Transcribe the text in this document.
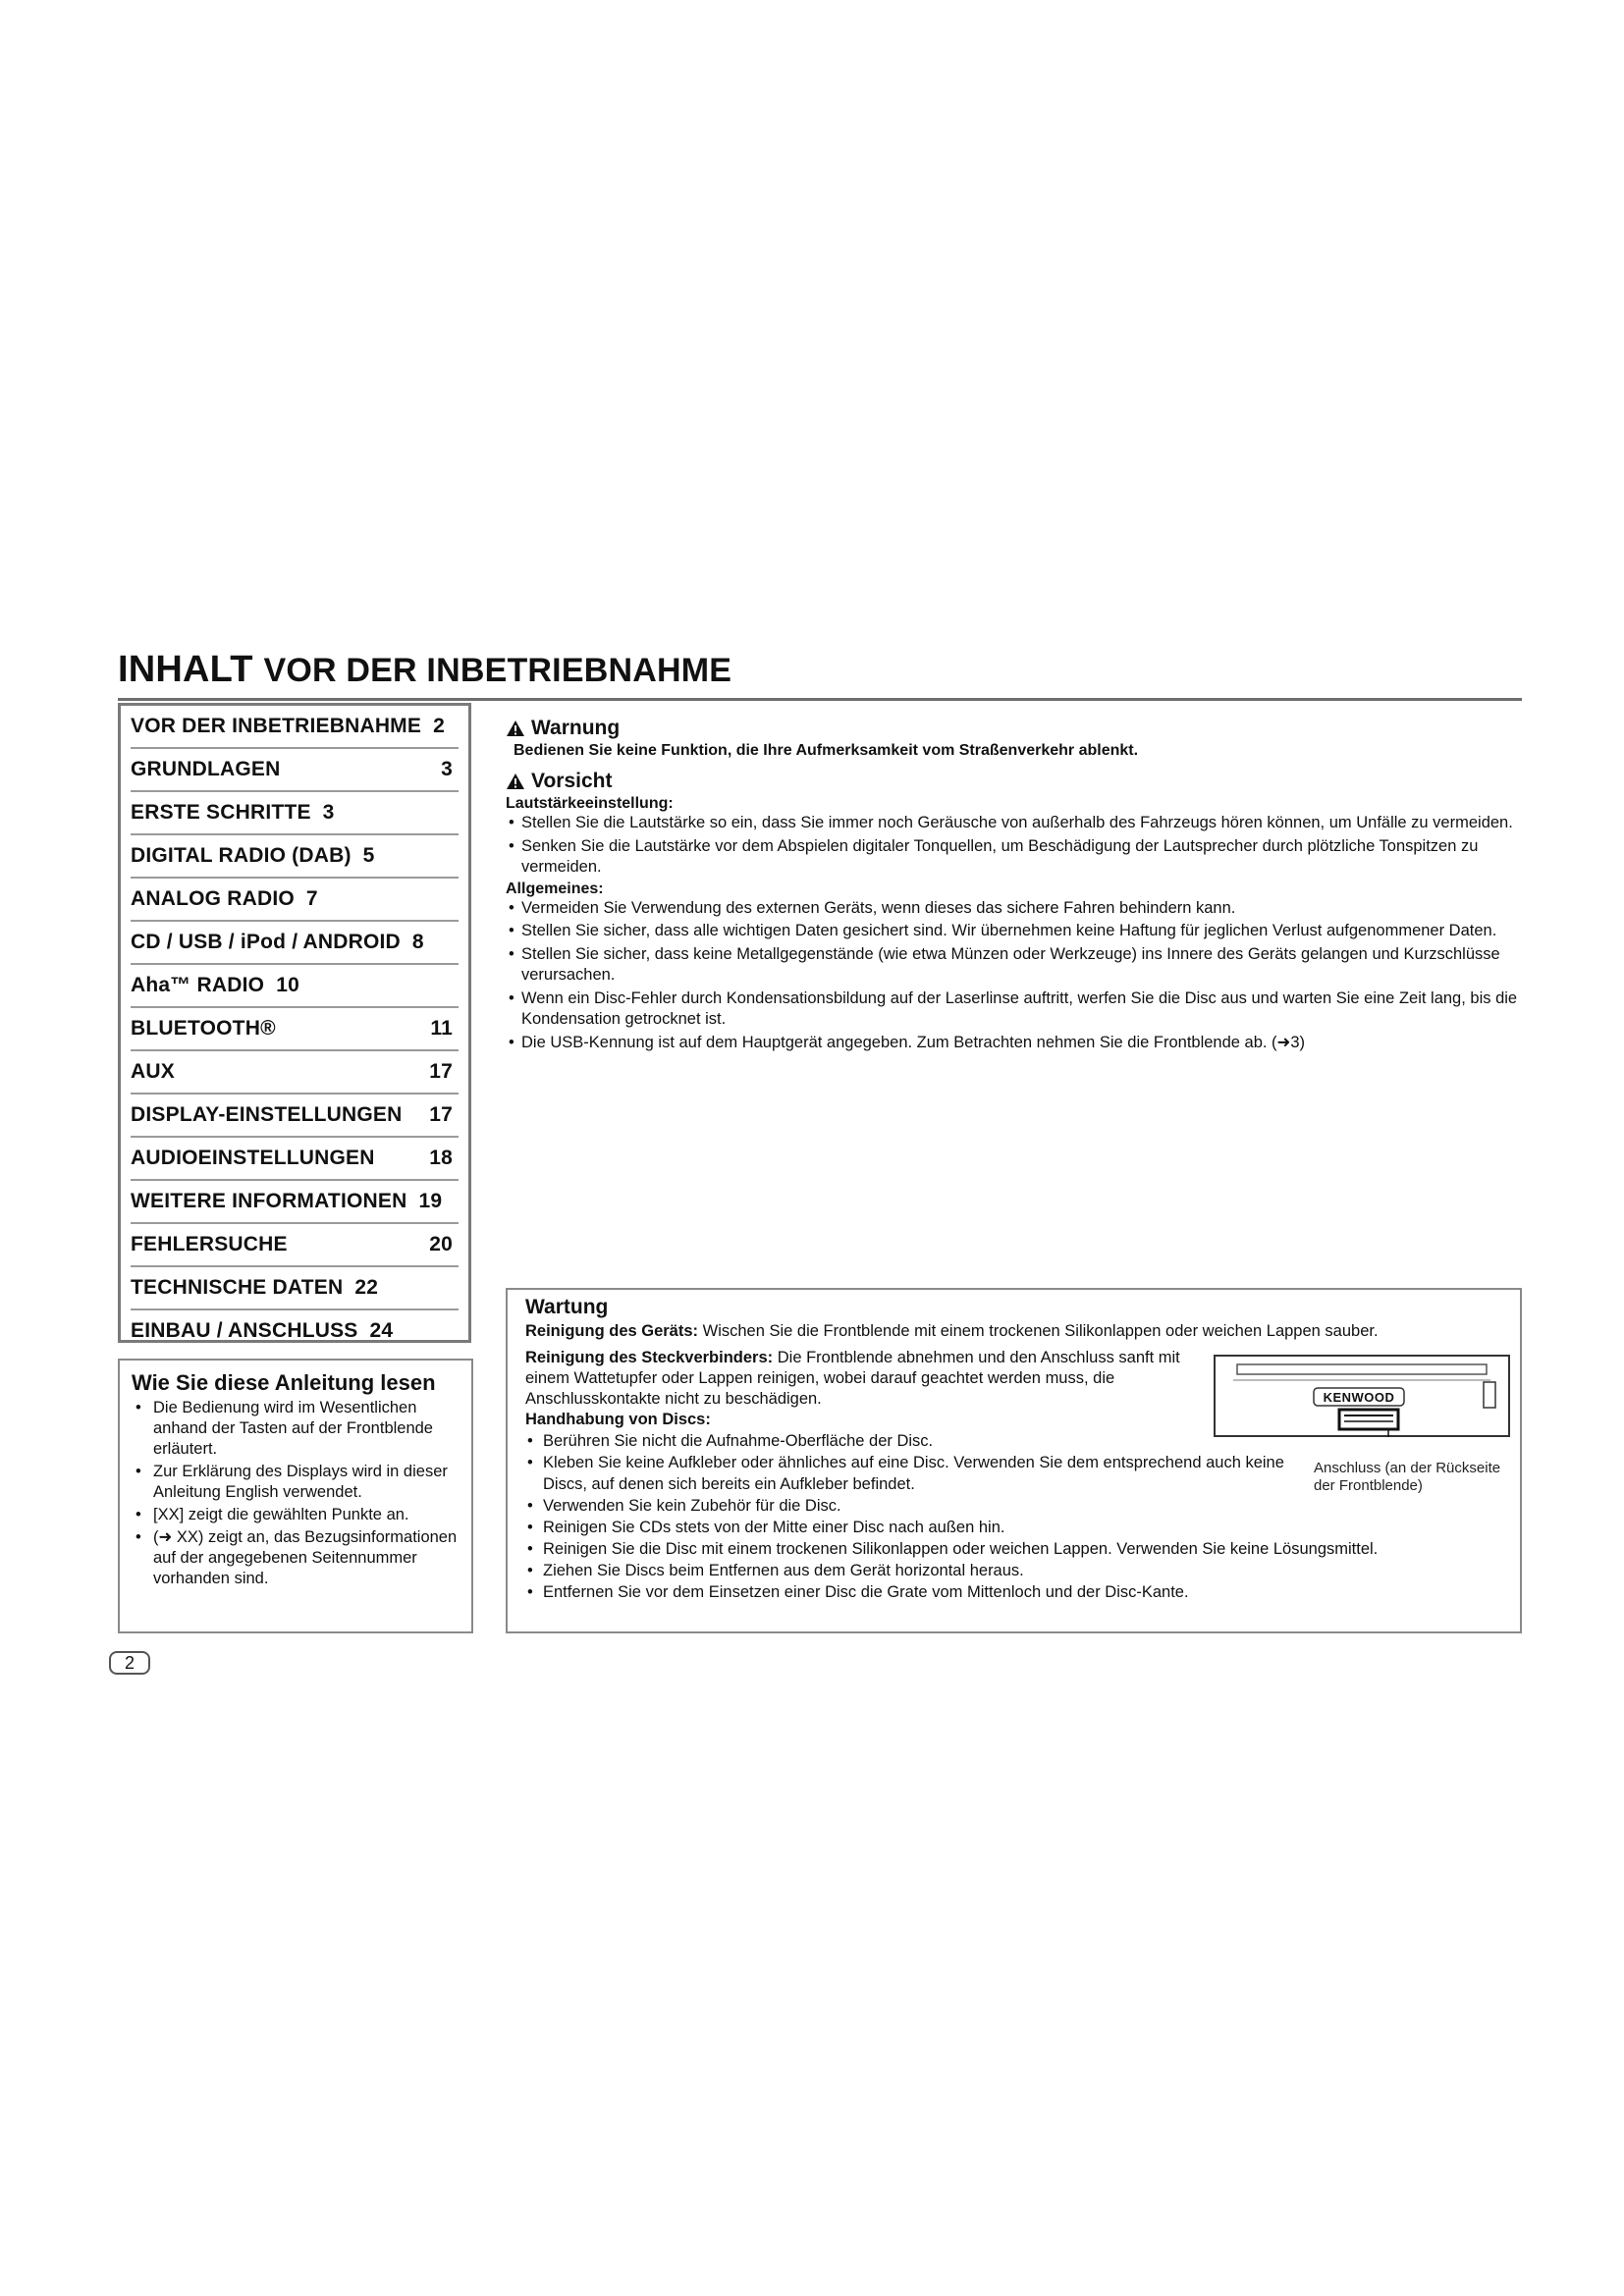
INHALT VOR DER INBETRIEBNAHME
VOR DER INBETRIEBNAHME 2
GRUNDLAGEN	3
ERSTE SCHRITTE 3
DIGITAL RADIO (DAB) 5
ANALOG RADIO 7
CD / USB / iPod / ANDROID 8
Aha™ RADIO 10
BLUETOOTH®	11
AUX	17
DISPLAY-EINSTELLUNGEN 17
AUDIOEINSTELLUNGEN	18
WEITERE INFORMATIONEN 19
FEHLERSUCHE	20
TECHNISCHE DATEN 22
EINBAU / ANSCHLUSS 24
Wie Sie diese Anleitung lesen
• Die Bedienung wird im Wesentlichen anhand der Tasten auf der Frontblende erläutert.
• Zur Erklärung des Displays wird in dieser Anleitung English verwendet.
• [XX] zeigt die gewählten Punkte an.
• (➜ XX) zeigt an, das Bezugsinformationen auf der angegebenen Seitennummer vorhanden sind.
Warnung
Bedienen Sie keine Funktion, die Ihre Aufmerksamkeit vom Straßenverkehr ablenkt.
Vorsicht
Lautstärkeeinstellung:
• Stellen Sie die Lautstärke so ein, dass Sie immer noch Geräusche von außerhalb des Fahrzeugs hören können, um Unfälle zu vermeiden.
• Senken Sie die Lautstärke vor dem Abspielen digitaler Tonquellen, um Beschädigung der Lautsprecher durch plötzliche Tonspitzen zu vermeiden.
Allgemeines:
• Vermeiden Sie Verwendung des externen Geräts, wenn dieses das sichere Fahren behindern kann.
• Stellen Sie sicher, dass alle wichtigen Daten gesichert sind. Wir übernehmen keine Haftung für jeglichen Verlust aufgenommener Daten.
• Stellen Sie sicher, dass keine Metallgegenstände (wie etwa Münzen oder Werkzeuge) ins Innere des Geräts gelangen und Kurzschlüsse verursachen.
• Wenn ein Disc-Fehler durch Kondensationsbildung auf der Laserlinse auftritt, werfen Sie die Disc aus und warten Sie eine Zeit lang, bis die Kondensation getrocknet ist.
• Die USB-Kennung ist auf dem Hauptgerät angegeben. Zum Betrachten nehmen Sie die Frontblende ab. (➜3)
Wartung
Reinigung des Geräts: Wischen Sie die Frontblende mit einem trockenen Silikonlappen oder weichen Lappen sauber.
Reinigung des Steckverbinders: Die Frontblende abnehmen und den Anschluss sanft mit einem Wattetupfer oder Lappen reinigen, wobei darauf geachtet werden muss, die Anschlusskontakte nicht zu beschädigen.
Handhabung von Discs:
• Berühren Sie nicht die Aufnahme-Oberfläche der Disc.
• Kleben Sie keine Aufkleber oder ähnliches auf eine Disc. Verwenden Sie dem entsprechend auch keine Discs, auf denen sich bereits ein Aufkleber befindet.
• Verwenden Sie kein Zubehör für die Disc.
• Reinigen Sie CDs stets von der Mitte einer Disc nach außen hin.
• Reinigen Sie die Disc mit einem trockenen Silikonlappen oder weichen Lappen. Verwenden Sie keine Lösungsmittel.
• Ziehen Sie Discs beim Entfernen aus dem Gerät horizontal heraus.
• Entfernen Sie vor dem Einsetzen einer Disc die Grate vom Mittenloch und der Disc-Kante.
KENWOOD
Anschluss (an der Rückseite der Frontblende)
2
